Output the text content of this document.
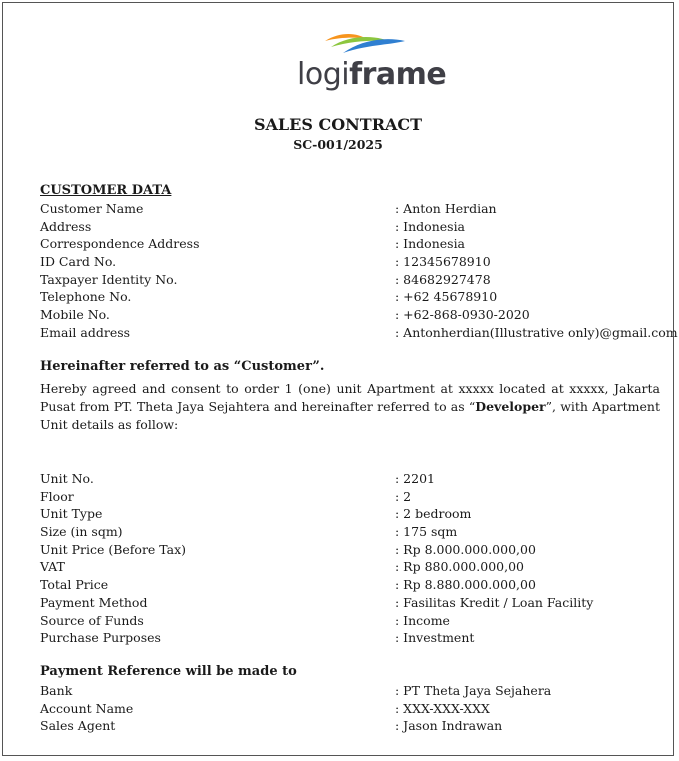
logiframe
SALES CONTRACT
SC-001/2025
CUSTOMER DATA
Customer Name	: Anton Herdian
Address	: Indonesia
Correspondence Address	: Indonesia
ID Card No.	: 12345678910
Taxpayer Identity No.	: 84682927478
Telephone No.	: +62 45678910
Mobile No.	: +62-868-0930-2020
Email address	: Antonherdian(Illustrative only)@gmail.com
Hereinafter referred to as “Customer”.
Hereby agreed and consent to order 1 (one) unit Apartment at xxxxx located at xxxxx, Jakarta Pusat from PT. Theta Jaya Sejahtera and hereinafter referred to as “Developer”, with Apartment Unit details as follow:
Unit No.	: 2201
Floor	: 2
Unit Type	: 2 bedroom
Size (in sqm)	: 175 sqm
Unit Price (Before Tax)	: Rp 8.000.000.000,00
VAT	: Rp 880.000.000,00
Total Price	: Rp 8.880.000.000,00
Payment Method	: Fasilitas Kredit / Loan Facility
Source of Funds	: Income
Purchase Purposes	: Investment
Payment Reference will be made to
Bank	: PT Theta Jaya Sejahera
Account Name	: XXX-XXX-XXX
Sales Agent	: Jason Indrawan
